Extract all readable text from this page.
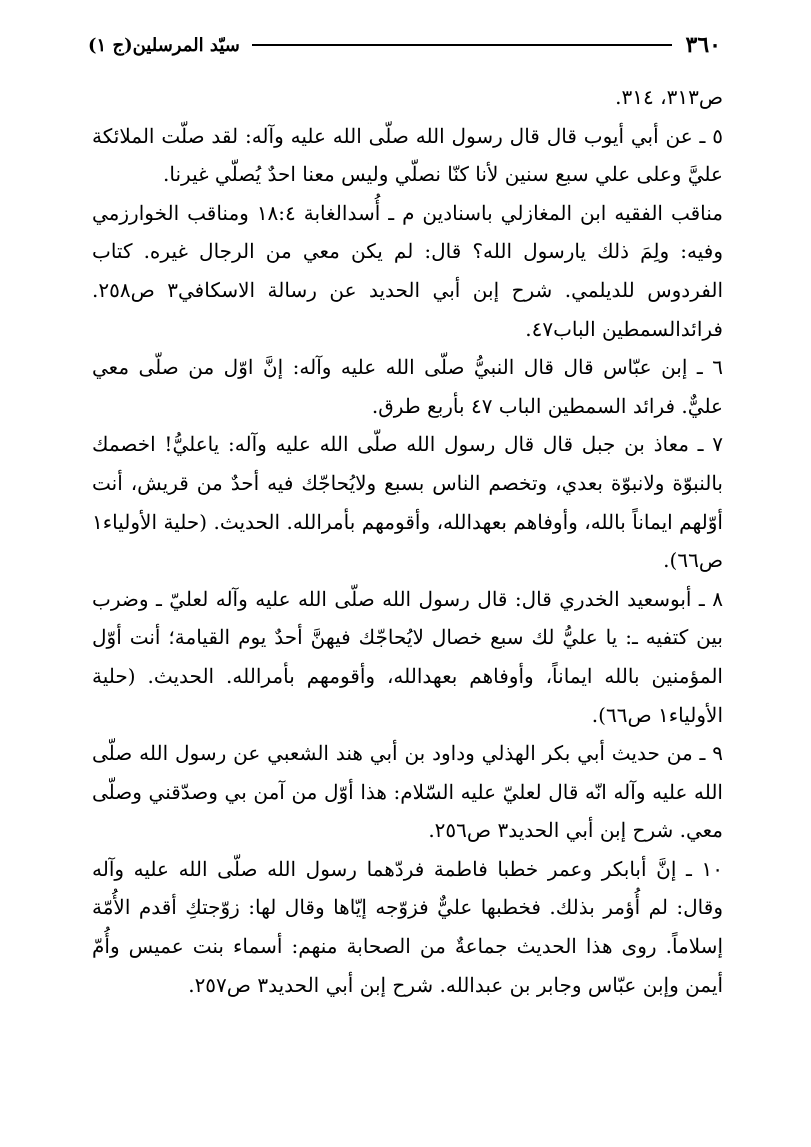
٣٦٠
سيّد المرسلين(ج ١)

ص٣١٣، ٣١٤.

٥ ـ عن أبي أيوب قال قال رسول الله صلّى الله عليه وآله: لقد صلّت الملائكة عليَّ وعلى علي سبع سنين لأنا كنّا نصلّي وليس معنا احدٌ يُصلّي غيرنا.

مناقب الفقيه ابن المغازلي باسنادين م ـ أُسدالغابة ١٨:٤ ومناقب الخوارزمي وفيه: ولِمَ ذلك يارسول الله؟ قال: لم يكن معي من الرجال غيره. كتاب الفردوس للديلمي. شرح إبن أبي الحديد عن رسالة الاسكافي٣ ص٢٥٨. فرائدالسمطين الباب٤٧.

٦ ـ إبن عبّاس قال قال النبيُّ صلّى الله عليه وآله: إنَّ اوّل من صلّى معي عليٌّ. فرائد السمطين الباب ٤٧ بأربع طرق.

٧ ـ معاذ بن جبل قال قال رسول الله صلّى الله عليه وآله: ياعليُّ! اخصمك بالنبوّة ولانبوّة بعدي، وتخصم الناس بسبع ولايُحاجّك فيه أحدٌ من قريش، أنت أوّلهم ايماناً بالله، وأوفاهم بعهدالله، وأقومهم بأمرالله. الحديث. (حلية الأولياء١ ص٦٦).

٨ ـ أبوسعيد الخدري قال: قال رسول الله صلّى الله عليه وآله لعليّ ـ وضرب بين كتفيه ـ: يا عليُّ لك سبع خصال لايُحاجّك فيهنَّ أحدٌ يوم القيامة؛ أنت أوّل المؤمنين بالله ايماناً، وأوفاهم بعهدالله، وأقومهم بأمرالله. الحديث. (حلية الأولياء١ ص٦٦).

٩ ـ من حديث أبي بكر الهذلي وداود بن أبي هند الشعبي عن رسول الله صلّى الله عليه وآله انّه قال لعليّ عليه السّلام: هذا أوّل من آمن بي وصدّقني وصلّى معي. شرح إبن أبي الحديد٣ ص٢٥٦.

١٠ ـ إنَّ أبابكر وعمر خطبا فاطمة فردّهما رسول الله صلّى الله عليه وآله وقال: لم أُؤمر بذلك. فخطبها عليٌّ فزوّجه إيّاها وقال لها: زوّجتكِ أقدم الأُمّة إسلاماً. روى هذا الحديث جماعةٌ من الصحابة منهم: أسماء بنت عميس وأُمّ أيمن وإبن عبّاس وجابر بن عبدالله. شرح إبن أبي الحديد٣ ص٢٥٧.
